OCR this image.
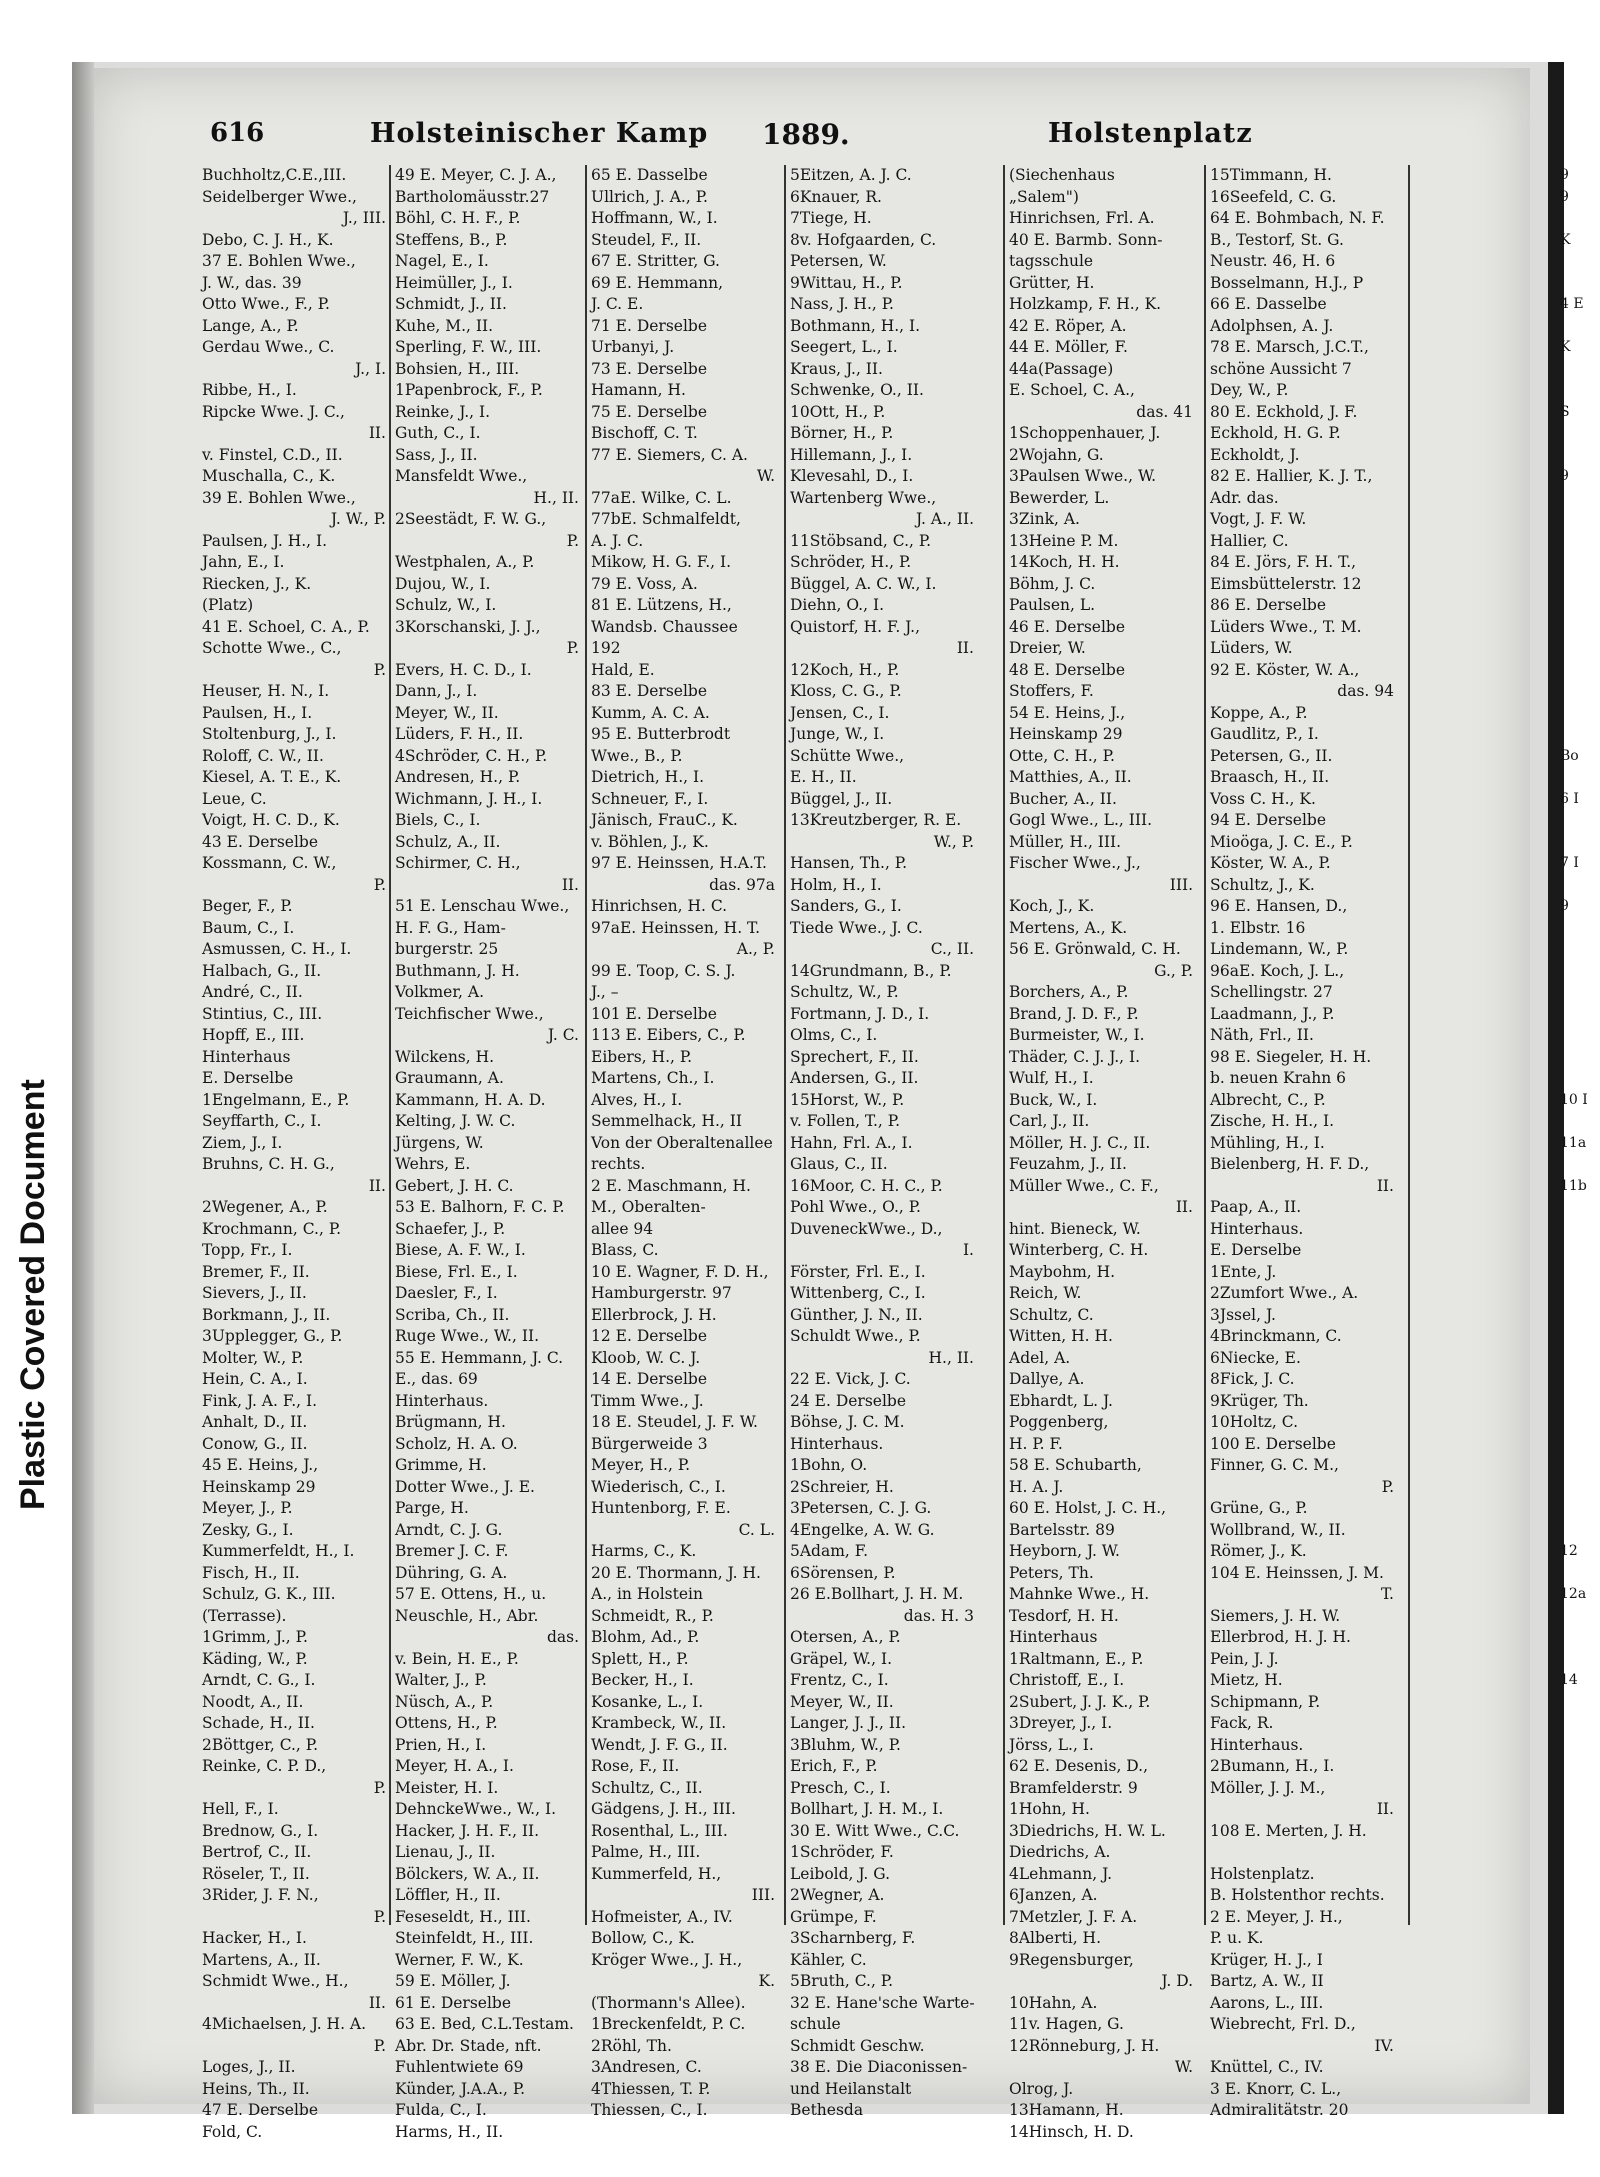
Plastic Covered Document
616	Holsteinischer Kamp 1889.	Holstenplatz
Buchholtz,C.E.,III.
Seidelberger Wwe.,
J., III.
Debo, C. J. H., K.
37 E. Bohlen Wwe.,
J. W., das. 39
Otto Wwe., F., P.
Lange, A., P.
Gerdau Wwe., C.
J., I.
Ribbe, H., I.
Ripcke Wwe. J. C.,
II.
v. Finstel, C.D., II.
Muschalla, C., K.
39 E. Bohlen Wwe.,
J. W., P.
Paulsen, J. H., I.
Jahn, E., I.
Riecken, J., K.
(Platz)
41 E. Schoel, C. A., P.
Schotte Wwe., C.,
P.
Heuser, H. N., I.
Paulsen, H., I.
Stoltenburg, J., I.
Roloff, C. W., II.
Kiesel, A. T. E., K.
Leue, C.
Voigt, H. C. D., K.
43 E. Derselbe
Kossmann, C. W.,
P.
Beger, F., P.
Baum, C., I.
Asmussen, C. H., I.
Halbach, G., II.
André, C., II.
Stintius, C., III.
Hopff, E., III.
Hinterhaus
E. Derselbe
1Engelmann, E., P.
Seyffarth, C., I.
Ziem, J., I.
Bruhns, C. H. G.,
II.
2Wegener, A., P.
Krochmann, C., P.
Topp, Fr., I.
Bremer, F., II.
Sievers, J., II.
Borkmann, J., II.
3Upplegger, G., P.
Molter, W., P.
Hein, C. A., I.
Fink, J. A. F., I.
Anhalt, D., II.
Conow, G., II.
45 E. Heins, J.,
Heinskamp 29
Meyer, J., P.
Zesky, G., I.
Kummerfeldt, H., I.
Fisch, H., II.
Schulz, G. K., III.
(Terrasse).
1Grimm, J., P.
Käding, W., P.
Arndt, C. G., I.
Noodt, A., II.
Schade, H., II.
2Böttger, C., P.
Reinke, C. P. D.,
P.
Hell, F., I.
Brednow, G., I.
Bertrof, C., II.
Röseler, T., II.
3Rider, J. F. N.,
P.
Hacker, H., I.
Martens, A., II.
Schmidt Wwe., H.,
II.
4Michaelsen, J. H. A.
P.
Loges, J., II.
Heins, Th., II.
47 E. Derselbe
Fold, C.
49 E. Meyer, C. J. A.,
Bartholomäusstr.27
Böhl, C. H. F., P.
Steffens, B., P.
Nagel, E., I.
Heimüller, J., I.
Schmidt, J., II.
Kuhe, M., II.
Sperling, F. W., III.
Bohsien, H., III.
1Papenbrock, F., P.
Reinke, J., I.
Guth, C., I.
Sass, J., II.
Mansfeldt Wwe.,
H., II.
2Seestädt, F. W. G.,
P.
Westphalen, A., P.
Dujou, W., I.
Schulz, W., I.
3Korschanski, J. J.,
P.
Evers, H. C. D., I.
Dann, J., I.
Meyer, W., II.
Lüders, F. H., II.
4Schröder, C. H., P.
Andresen, H., P.
Wichmann, J. H., I.
Biels, C., I.
Schulz, A., II.
Schirmer, C. H.,
II.
51 E. Lenschau Wwe.,
H. F. G., Ham-
burgerstr. 25
Buthmann, J. H.
Volkmer, A.
Teichfischer Wwe.,
J. C.
Wilckens, H.
Graumann, A.
Kammann, H. A. D.
Kelting, J. W. C.
Jürgens, W.
Wehrs, E.
Gebert, J. H. C.
53 E. Balhorn, F. C. P.
Schaefer, J., P.
Biese, A. F. W., I.
Biese, Frl. E., I.
Daesler, F., I.
Scriba, Ch., II.
Ruge Wwe., W., II.
55 E. Hemmann, J. C.
E., das. 69
Hinterhaus.
Brügmann, H.
Scholz, H. A. O.
Grimme, H.
Dotter Wwe., J. E.
Parge, H.
Arndt, C. J. G.
Bremer J. C. F.
Dühring, G. A.
57 E. Ottens, H., u.
Neuschle, H., Abr.
das.
v. Bein, H. E., P.
Walter, J., P.
Nüsch, A., P.
Ottens, H., P.
Prien, H., I.
Meyer, H. A., I.
Meister, H. I.
DehnckeWwe., W., I.
Hacker, J. H. F., II.
Lienau, J., II.
Bölckers, W. A., II.
Löffler, H., II.
Feseseldt, H., III.
Steinfeldt, H., III.
Werner, F. W., K.
59 E. Möller, J.
61 E. Derselbe
63 E. Bed, C.L.Testam.
Abr. Dr. Stade, nft.
Fuhlentwiete 69
Künder, J.A.A., P.
Fulda, C., I.
Harms, H., II.
65 E. Dasselbe
Ullrich, J. A., P.
Hoffmann, W., I.
Steudel, F., II.
67 E. Stritter, G.
69 E. Hemmann,
J. C. E.
71 E. Derselbe
Urbanyi, J.
73 E. Derselbe
Hamann, H.
75 E. Derselbe
Bischoff, C. T.
77 E. Siemers, C. A.
W.
77aE. Wilke, C. L.
77bE. Schmalfeldt,
A. J. C.
Mikow, H. G. F., I.
79 E. Voss, A.
81 E. Lützens, H.,
Wandsb. Chaussee
192
Hald, E.
83 E. Derselbe
Kumm, A. C. A.
95 E. Butterbrodt
Wwe., B., P.
Dietrich, H., I.
Schneuer, F., I.
Jänisch, FrauC., K.
v. Böhlen, J., K.
97 E. Heinssen, H.A.T.
das. 97a
Hinrichsen, H. C.
97aE. Heinssen, H. T.
A., P.
99 E. Toop, C. S. J.
J., –
101 E. Derselbe
113 E. Eibers, C., P.
Eibers, H., P.
Martens, Ch., I.
Alves, H., I.
Semmelhack, H., II
Von der Oberaltenallee
rechts.
2 E. Maschmann, H.
M., Oberalten-
allee 94
Blass, C.
10 E. Wagner, F. D. H.,
Hamburgerstr. 97
Ellerbrock, J. H.
12 E. Derselbe
Kloob, W. C. J.
14 E. Derselbe
Timm Wwe., J.
18 E. Steudel, J. F. W.
Bürgerweide 3
Meyer, H., P.
Wiederisch, C., I.
Huntenborg, F. E.
C. L.
Harms, C., K.
20 E. Thormann, J. H.
A., in Holstein
Schmeidt, R., P.
Blohm, Ad., P.
Splett, H., P.
Becker, H., I.
Kosanke, L., I.
Krambeck, W., II.
Wendt, J. F. G., II.
Rose, F., II.
Schultz, C., II.
Gädgens, J. H., III.
Rosenthal, L., III.
Palme, H., III.
Kummerfeld, H.,
III.
Hofmeister, A., IV.
Bollow, C., K.
Kröger Wwe., J. H.,
K.
(Thormann's Allee).
1Breckenfeldt, P. C.
2Röhl, Th.
3Andresen, C.
4Thiessen, T. P.
Thiessen, C., I.
5Eitzen, A. J. C.
6Knauer, R.
7Tiege, H.
8v. Hofgaarden, C.
Petersen, W.
9Wittau, H., P.
Nass, J. H., P.
Bothmann, H., I.
Seegert, L., I.
Kraus, J., II.
Schwenke, O., II.
10Ott, H., P.
Börner, H., P.
Hillemann, J., I.
Klevesahl, D., I.
Wartenberg Wwe.,
J. A., II.
11Stöbsand, C., P.
Schröder, H., P.
Büggel, A. C. W., I.
Diehn, O., I.
Quistorf, H. F. J.,
II.
12Koch, H., P.
Kloss, C. G., P.
Jensen, C., I.
Junge, W., I.
Schütte Wwe.,
E. H., II.
Büggel, J., II.
13Kreutzberger, R. E.
W., P.
Hansen, Th., P.
Holm, H., I.
Sanders, G., I.
Tiede Wwe., J. C.
C., II.
14Grundmann, B., P.
Schultz, W., P.
Fortmann, J. D., I.
Olms, C., I.
Sprechert, F., II.
Andersen, G., II.
15Horst, W., P.
v. Follen, T., P.
Hahn, Frl. A., I.
Glaus, C., II.
16Moor, C. H. C., P.
Pohl Wwe., O., P.
DuveneckWwe., D.,
I.
Förster, Frl. E., I.
Wittenberg, C., I.
Günther, J. N., II.
Schuldt Wwe., P.
H., II.
22 E. Vick, J. C.
24 E. Derselbe
Böhse, J. C. M.
Hinterhaus.
1Bohn, O.
2Schreier, H.
3Petersen, C. J. G.
4Engelke, A. W. G.
5Adam, F.
6Sörensen, P.
26 E.Bollhart, J. H. M.
das. H. 3
Otersen, A., P.
Gräpel, W., I.
Frentz, C., I.
Meyer, W., II.
Langer, J. J., II.
3Bluhm, W., P.
Erich, F., P.
Presch, C., I.
Bollhart, J. H. M., I.
30 E. Witt Wwe., C.C.
1Schröder, F.
Leibold, J. G.
2Wegner, A.
Grümpe, F.
3Scharnberg, F.
Kähler, C.
5Bruth, C., P.
32 E. Hane'sche Warte-
schule
Schmidt Geschw.
38 E. Die Diaconissen-
und Heilanstalt
Bethesda
(Siechenhaus
„Salem")
Hinrichsen, Frl. A.
40 E. Barmb. Sonn-
tagsschule
Grütter, H.
Holzkamp, F. H., K.
42 E. Röper, A.
44 E. Möller, F.
44a(Passage)
E. Schoel, C. A.,
das. 41
1Schoppenhauer, J.
2Wojahn, G.
3Paulsen Wwe., W.
Bewerder, L.
3Zink, A.
13Heine P. M.
14Koch, H. H.
Böhm, J. C.
Paulsen, L.
46 E. Derselbe
Dreier, W.
48 E. Derselbe
Stoffers, F.
54 E. Heins, J.,
Heinskamp 29
Otte, C. H., P.
Matthies, A., II.
Bucher, A., II.
Gogl Wwe., L., III.
Müller, H., III.
Fischer Wwe., J.,
III.
Koch, J., K.
Mertens, A., K.
56 E. Grönwald, C. H.
G., P.
Borchers, A., P.
Brand, J. D. F., P.
Burmeister, W., I.
Thäder, C. J. J., I.
Wulf, H., I.
Buck, W., I.
Carl, J., II.
Möller, H. J. C., II.
Feuzahm, J., II.
Müller Wwe., C. F.,
II.
hint. Bieneck, W.
Winterberg, C. H.
Maybohm, H.
Reich, W.
Schultz, C.
Witten, H. H.
Adel, A.
Dallye, A.
Ebhardt, L. J.
Poggenberg,
H. P. F.
58 E. Schubarth,
H. A. J.
60 E. Holst, J. C. H.,
Bartelsstr. 89
Heyborn, J. W.
Peters, Th.
Mahnke Wwe., H.
Tesdorf, H. H.
Hinterhaus
1Raltmann, E., P.
Christoff, E., I.
2Subert, J. J. K., P.
3Dreyer, J., I.
Jörss, L., I.
62 E. Desenis, D.,
Bramfelderstr. 9
1Hohn, H.
3Diedrichs, H. W. L.
Diedrichs, A.
4Lehmann, J.
6Janzen, A.
7Metzler, J. F. A.
8Alberti, H.
9Regensburger,
J. D.
10Hahn, A.
11v. Hagen, G.
12Rönneburg, J. H.
W.
Olrog, J.
13Hamann, H.
14Hinsch, H. D.
15Timmann, H.
16Seefeld, C. G.
64 E. Bohmbach, N. F.
B., Testorf, St. G.
Neustr. 46, H. 6
Bosselmann, H.J., P
66 E. Dasselbe
Adolphsen, A. J.
78 E. Marsch, J.C.T.,
schöne Aussicht 7
Dey, W., P.
80 E. Eckhold, J. F.
Eckhold, H. G. P.
Eckholdt, J.
82 E. Hallier, K. J. T.,
Adr. das.
Vogt, J. F. W.
Hallier, C.
84 E. Jörs, F. H. T.,
Eimsbüttelerstr. 12
86 E. Derselbe
Lüders Wwe., T. M.
Lüders, W.
92 E. Köster, W. A.,
das. 94
Koppe, A., P.
Gaudlitz, P., I.
Petersen, G., II.
Braasch, H., II.
Voss C. H., K.
94 E. Derselbe
Mioöga, J. C. E., P.
Köster, W. A., P.
Schultz, J., K.
96 E. Hansen, D.,
1. Elbstr. 16
Lindemann, W., P.
96aE. Koch, J. L.,
Schellingstr. 27
Laadmann, J., P.
Näth, Frl., II.
98 E. Siegeler, H. H.
b. neuen Krahn 6
Albrecht, C., P.
Zische, H. H., I.
Mühling, H., I.
Bielenberg, H. F. D.,
II.
Paap, A., II.
Hinterhaus.
E. Derselbe
1Ente, J.
2Zumfort Wwe., A.
3Jssel, J.
4Brinckmann, C.
6Niecke, E.
8Fick, J. C.
9Krüger, Th.
10Holtz, C.
100 E. Derselbe
Finner, G. C. M.,
P.
Grüne, G., P.
Wollbrand, W., II.
Römer, J., K.
104 E. Heinssen, J. M.
T.
Siemers, J. H. W.
Ellerbrod, H. J. H.
Pein, J. J.
Mietz, H.
Schipmann, P.
Fack, R.
Hinterhaus.
2Bumann, H., I.
Möller, J. J. M.,
II.
108 E. Merten, J. H.

Holstenplatz.
B. Holstenthor rechts.
2 E. Meyer, J. H.,
P. u. K.
Krüger, H. J., I
Bartz, A. W., II
Aarons, L., III.
Wiebrecht, Frl. D.,
IV.
Knüttel, C., IV.
3 E. Knorr, C. L.,
Admiralitätstr. 20
9
9

K

4 E

K

S

9

Bo

6 I

7 I

9

10 I

11a

11b

12

12a

14
